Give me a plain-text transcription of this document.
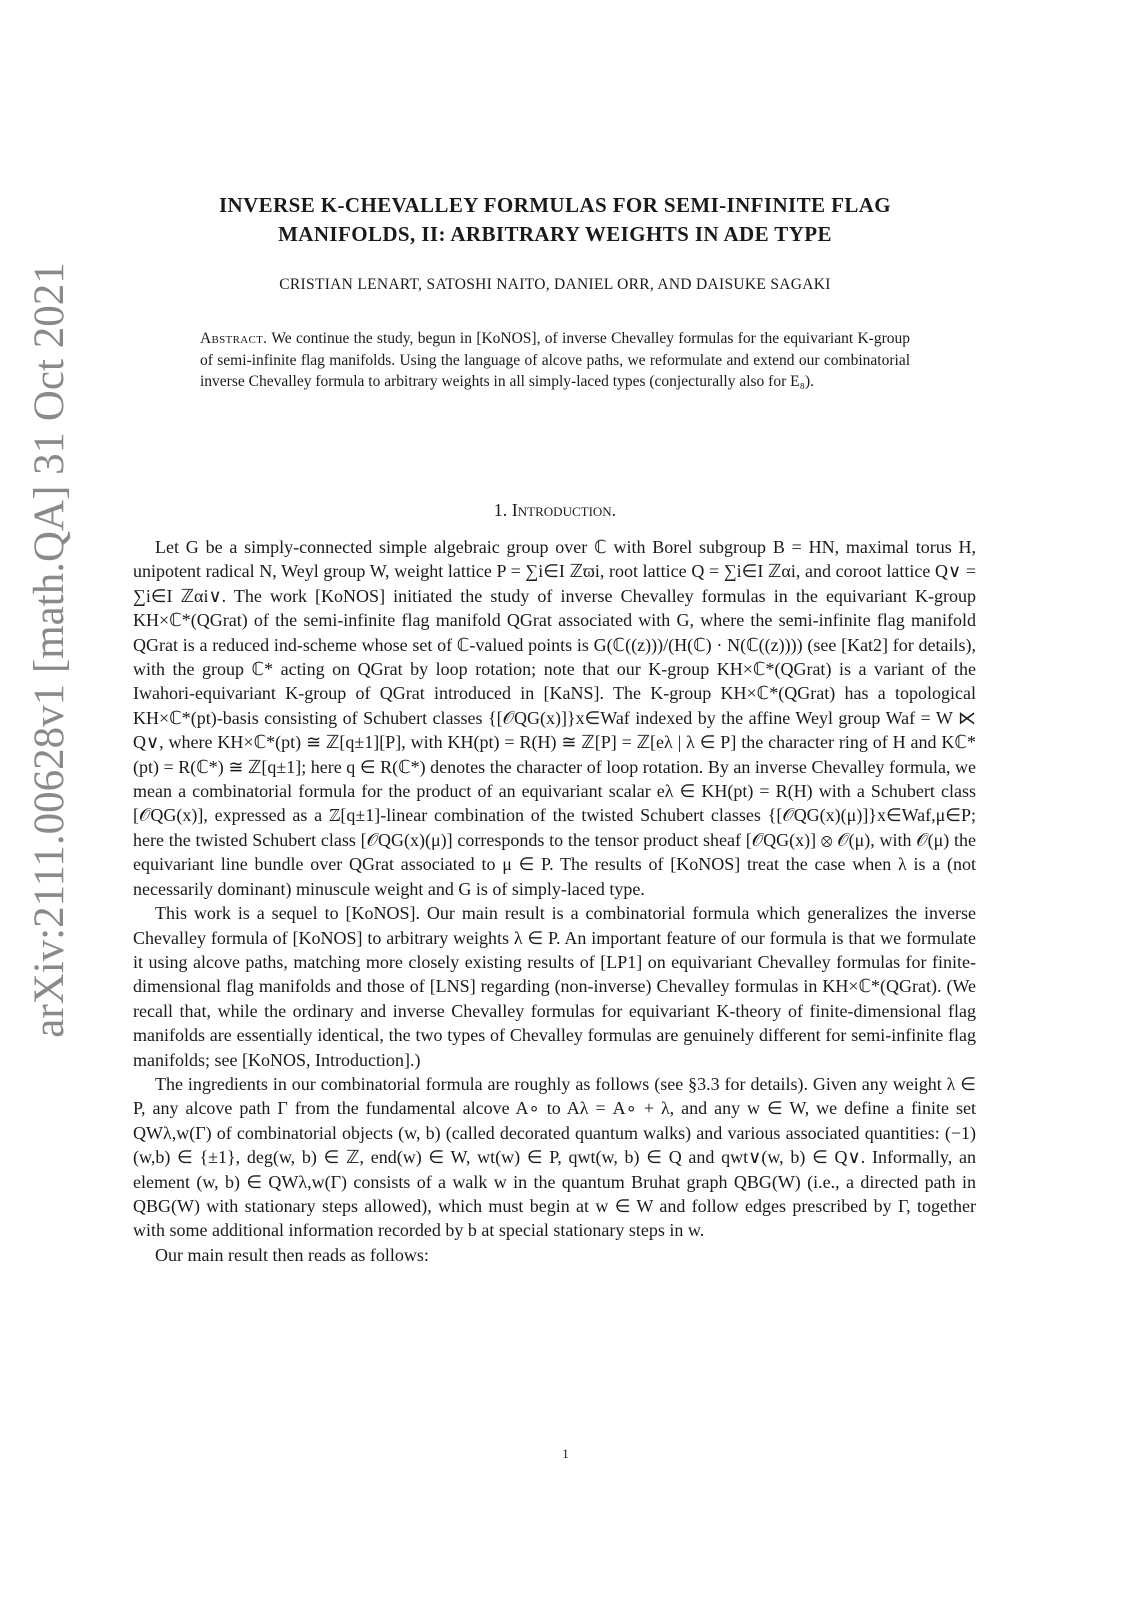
arXiv:2111.00628v1 [math.QA] 31 Oct 2021
INVERSE K-CHEVALLEY FORMULAS FOR SEMI-INFINITE FLAG
MANIFOLDS, II: ARBITRARY WEIGHTS IN ADE TYPE
CRISTIAN LENART, SATOSHI NAITO, DANIEL ORR, AND DAISUKE SAGAKI
Abstract. We continue the study, begun in [KoNOS], of inverse Chevalley formulas for the equivariant K-group of semi-infinite flag manifolds. Using the language of alcove paths, we reformulate and extend our combinatorial inverse Chevalley formula to arbitrary weights in all simply-laced types (conjecturally also for E₈).
1. Introduction.

Let G be a simply-connected simple algebraic group over ℂ with Borel subgroup B = HN, maximal torus H, unipotent radical N, Weyl group W, weight lattice P = ∑i∈I ℤϖi, root lattice Q = ∑i∈I ℤαi, and coroot lattice Q∨ = ∑i∈I ℤαi∨. The work [KoNOS] initiated the study of inverse Chevalley formulas in the equivariant K-group KH×ℂ*(QGrat) of the semi-infinite flag manifold QGrat associated with G, where the semi-infinite flag manifold QGrat is a reduced ind-scheme whose set of ℂ-valued points is G(ℂ((z)))/(H(ℂ) · N(ℂ((z)))) (see [Kat2] for details), with the group ℂ* acting on QGrat by loop rotation; note that our K-group KH×ℂ*(QGrat) is a variant of the Iwahori-equivariant K-group of QGrat introduced in [KaNS]. The K-group KH×ℂ*(QGrat) has a topological KH×ℂ*(pt)-basis consisting of Schubert classes {[𝒪QG(x)]}x∈Waf indexed by the affine Weyl group Waf = W ⋉ Q∨, where KH×ℂ*(pt) ≅ ℤ[q±1][P], with KH(pt) = R(H) ≅ ℤ[P] = ℤ[eλ | λ ∈ P] the character ring of H and Kℂ*(pt) = R(ℂ*) ≅ ℤ[q±1]; here q ∈ R(ℂ*) denotes the character of loop rotation. By an inverse Chevalley formula, we mean a combinatorial formula for the product of an equivariant scalar eλ ∈ KH(pt) = R(H) with a Schubert class [𝒪QG(x)], expressed as a ℤ[q±1]-linear combination of the twisted Schubert classes {[𝒪QG(x)(μ)]}x∈Waf,μ∈P; here the twisted Schubert class [𝒪QG(x)(μ)] corresponds to the tensor product sheaf [𝒪QG(x)] ⊗ 𝒪(μ), with 𝒪(μ) the equivariant line bundle over QGrat associated to μ ∈ P. The results of [KoNOS] treat the case when λ is a (not necessarily dominant) minuscule weight and G is of simply-laced type.

This work is a sequel to [KoNOS]. Our main result is a combinatorial formula which generalizes the inverse Chevalley formula of [KoNOS] to arbitrary weights λ ∈ P. An important feature of our formula is that we formulate it using alcove paths, matching more closely existing results of [LP1] on equivariant Chevalley formulas for finite-dimensional flag manifolds and those of [LNS] regarding (non-inverse) Chevalley formulas in KH×ℂ*(QGrat). (We recall that, while the ordinary and inverse Chevalley formulas for equivariant K-theory of finite-dimensional flag manifolds are essentially identical, the two types of Chevalley formulas are genuinely different for semi-infinite flag manifolds; see [KoNOS, Introduction].)

The ingredients in our combinatorial formula are roughly as follows (see §3.3 for details). Given any weight λ ∈ P, any alcove path Γ from the fundamental alcove A∘ to Aλ = A∘ + λ, and any w ∈ W, we define a finite set QWλ,w(Γ) of combinatorial objects (w, b) (called decorated quantum walks) and various associated quantities: (−1)(w,b) ∈ {±1}, deg(w, b) ∈ ℤ, end(w) ∈ W, wt(w) ∈ P, qwt(w, b) ∈ Q and qwt∨(w, b) ∈ Q∨. Informally, an element (w, b) ∈ QWλ,w(Γ) consists of a walk w in the quantum Bruhat graph QBG(W) (i.e., a directed path in QBG(W) with stationary steps allowed), which must begin at w ∈ W and follow edges prescribed by Γ, together with some additional information recorded by b at special stationary steps in w.

Our main result then reads as follows:

1
